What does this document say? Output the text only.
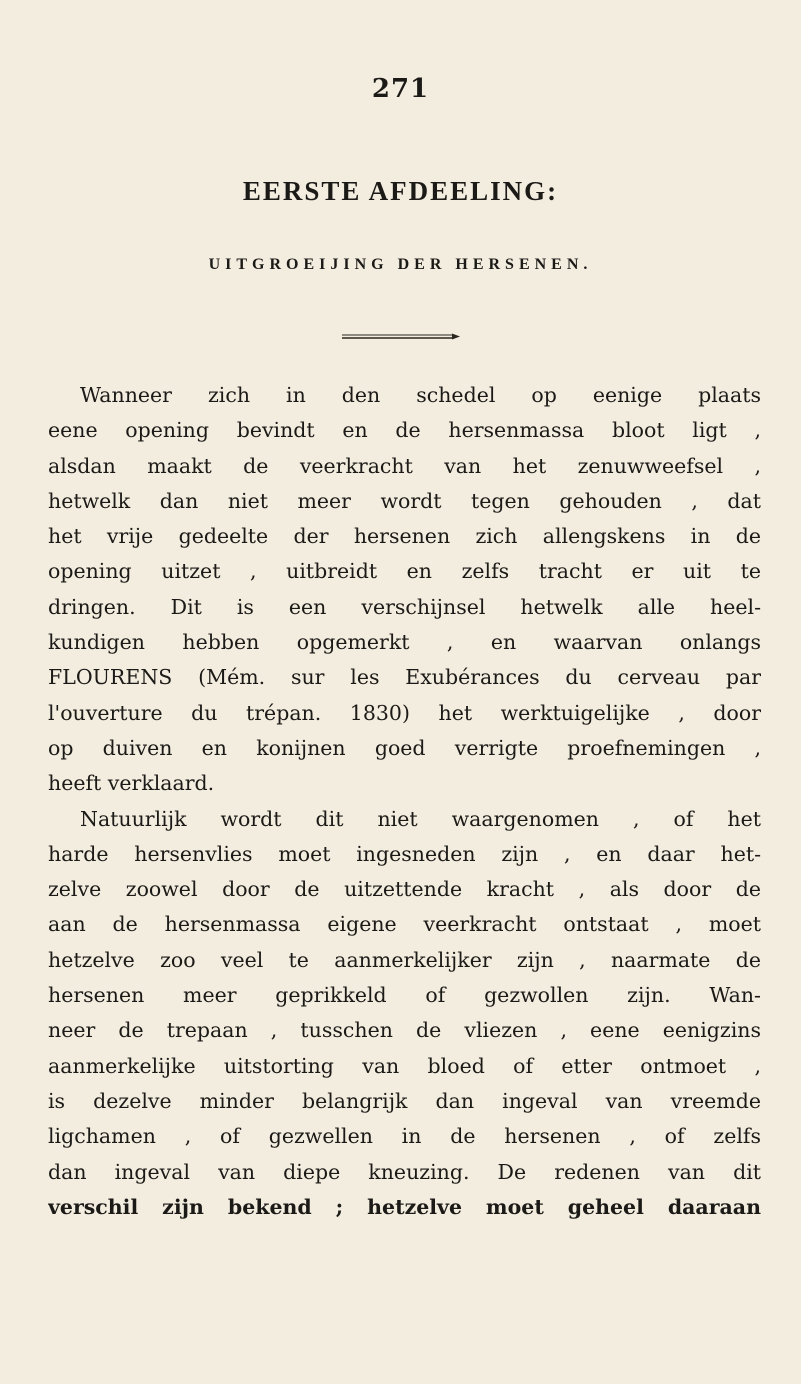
271
EERSTE AFDEELING:
UITGROEIJING DER HERSENEN.
Wanneer zich in den schedel op eenige plaats
eene opening bevindt en de hersenmassa bloot ligt ,
alsdan maakt de veerkracht van het zenuwweefsel ,
hetwelk dan niet meer wordt tegen gehouden , dat
het vrije gedeelte der hersenen zich allengskens in de
opening uitzet , uitbreidt en zelfs tracht er uit te
dringen. Dit is een verschijnsel hetwelk alle heel-
kundigen hebben opgemerkt , en waarvan onlangs
FLOURENS (Mém. sur les Exubérances du cerveau par
l'ouverture du trépan. 1830) het werktuigelijke , door
op duiven en konijnen goed verrigte proefnemingen ,
heeft verklaard.
Natuurlijk wordt dit niet waargenomen , of het
harde hersenvlies moet ingesneden zijn , en daar het-
zelve zoowel door de uitzettende kracht , als door de
aan de hersenmassa eigene veerkracht ontstaat , moet
hetzelve zoo veel te aanmerkelijker zijn , naarmate de
hersenen meer geprikkeld of gezwollen zijn. Wan-
neer de trepaan , tusschen de vliezen , eene eenigzins
aanmerkelijke uitstorting van bloed of etter ontmoet ,
is dezelve minder belangrijk dan ingeval van vreemde
ligchamen , of gezwellen in de hersenen , of zelfs
dan ingeval van diepe kneuzing. De redenen van dit
verschil zijn bekend ; hetzelve moet geheel daaraan
